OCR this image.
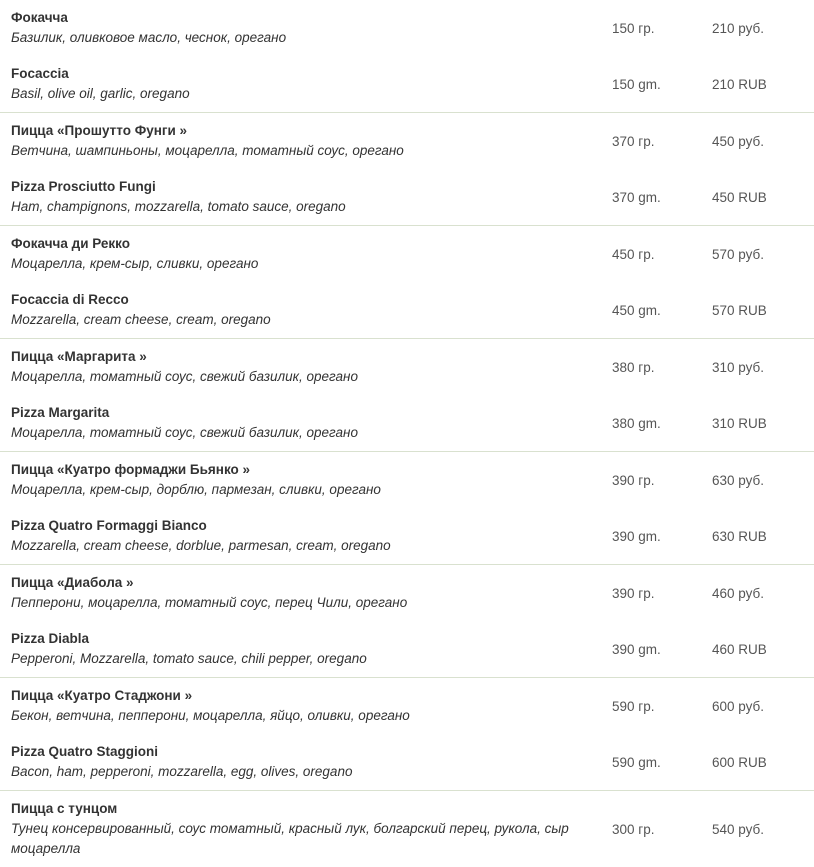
Фокачча
Базилик, оливковое масло, чеснок, орегано
150 гр.	210 руб.
Focaccia
Basil, olive oil, garlic, oregano
150 gm.	210 RUB
Пицца «Прошутто Фунги »
Ветчина, шампиньоны, моцарелла, томатный соус, орегано
370 гр.	450 руб.
Pizza Prosciutto Fungi
Ham, champignons, mozzarella, tomato sauce, oregano
370 gm.	450 RUB
Фокачча ди Рекко
Моцарелла, крем-сыр, сливки, орегано
450 гр.	570 руб.
Focaccia di Recco
Mozzarella, cream cheese, cream, oregano
450 gm.	570 RUB
Пицца «Маргарита »
Моцарелла, томатный соус, свежий базилик, орегано
380 гр.	310 руб.
Pizza Margarita
Моцарелла, томатный соус, свежий базилик, орегано
380 gm.	310 RUB
Пицца «Куатро формаджи Бьянко »
Моцарелла, крем-сыр, дорблю, пармезан, сливки, орегано
390 гр.	630 руб.
Pizza Quatro Formaggi Bianco
Mozzarella, cream cheese, dorblue, parmesan, cream, oregano
390 gm.	630 RUB
Пицца «Диабола »
Пепперони, моцарелла, томатный соус, перец Чили, орегано
390 гр.	460 руб.
Pizza Diabla
Pepperoni, Mozzarella, tomato sauce, chili pepper, oregano
390 gm.	460 RUB
Пицца «Куатро Стаджони »
Бекон, ветчина, пепперони, моцарелла, яйцо, оливки, орегано
590 гр.	600 руб.
Pizza Quatro Staggioni
Bacon, ham, pepperoni, mozzarella, egg, olives, oregano
590 gm.	600 RUB
Пицца с тунцом
Тунец консервированный, соус томатный, красный лук, болгарский перец, рукола, сыр моцарелла
300 гр.	540 руб.
